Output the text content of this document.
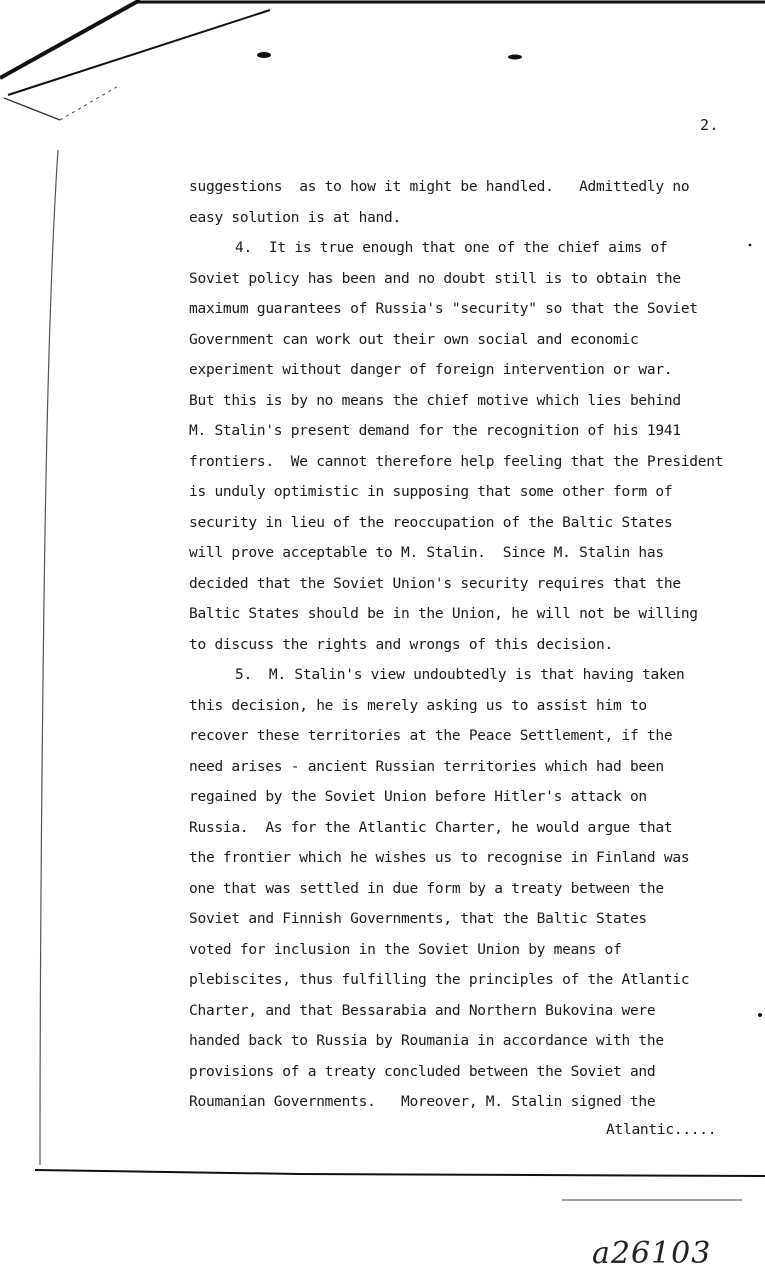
2.
suggestions  as to how it might be handled.   Admittedly no
easy solution is at hand.
4.  It is true enough that one of the chief aims of
Soviet policy has been and no doubt still is to obtain the
maximum guarantees of Russia's "security" so that the Soviet
Government can work out their own social and economic
experiment without danger of foreign intervention or war.
But this is by no means the chief motive which lies behind
M. Stalin's present demand for the recognition of his 1941
frontiers.  We cannot therefore help feeling that the President
is unduly optimistic in supposing that some other form of
security in lieu of the reoccupation of the Baltic States
will prove acceptable to M. Stalin.  Since M. Stalin has
decided that the Soviet Union's security requires that the
Baltic States should be in the Union, he will not be willing
to discuss the rights and wrongs of this decision.
5.  M. Stalin's view undoubtedly is that having taken
this decision, he is merely asking us to assist him to
recover these territories at the Peace Settlement, if the
need arises - ancient Russian territories which had been
regained by the Soviet Union before Hitler's attack on
Russia.  As for the Atlantic Charter, he would argue that
the frontier which he wishes us to recognise in Finland was
one that was settled in due form by a treaty between the
Soviet and Finnish Governments, that the Baltic States
voted for inclusion in the Soviet Union by means of
plebiscites, thus fulfilling the principles of the Atlantic
Charter, and that Bessarabia and Northern Bukovina were
handed back to Russia by Roumania in accordance with the
provisions of a treaty concluded between the Soviet and
Roumanian Governments.   Moreover, M. Stalin signed the
Atlantic.....
a26103
